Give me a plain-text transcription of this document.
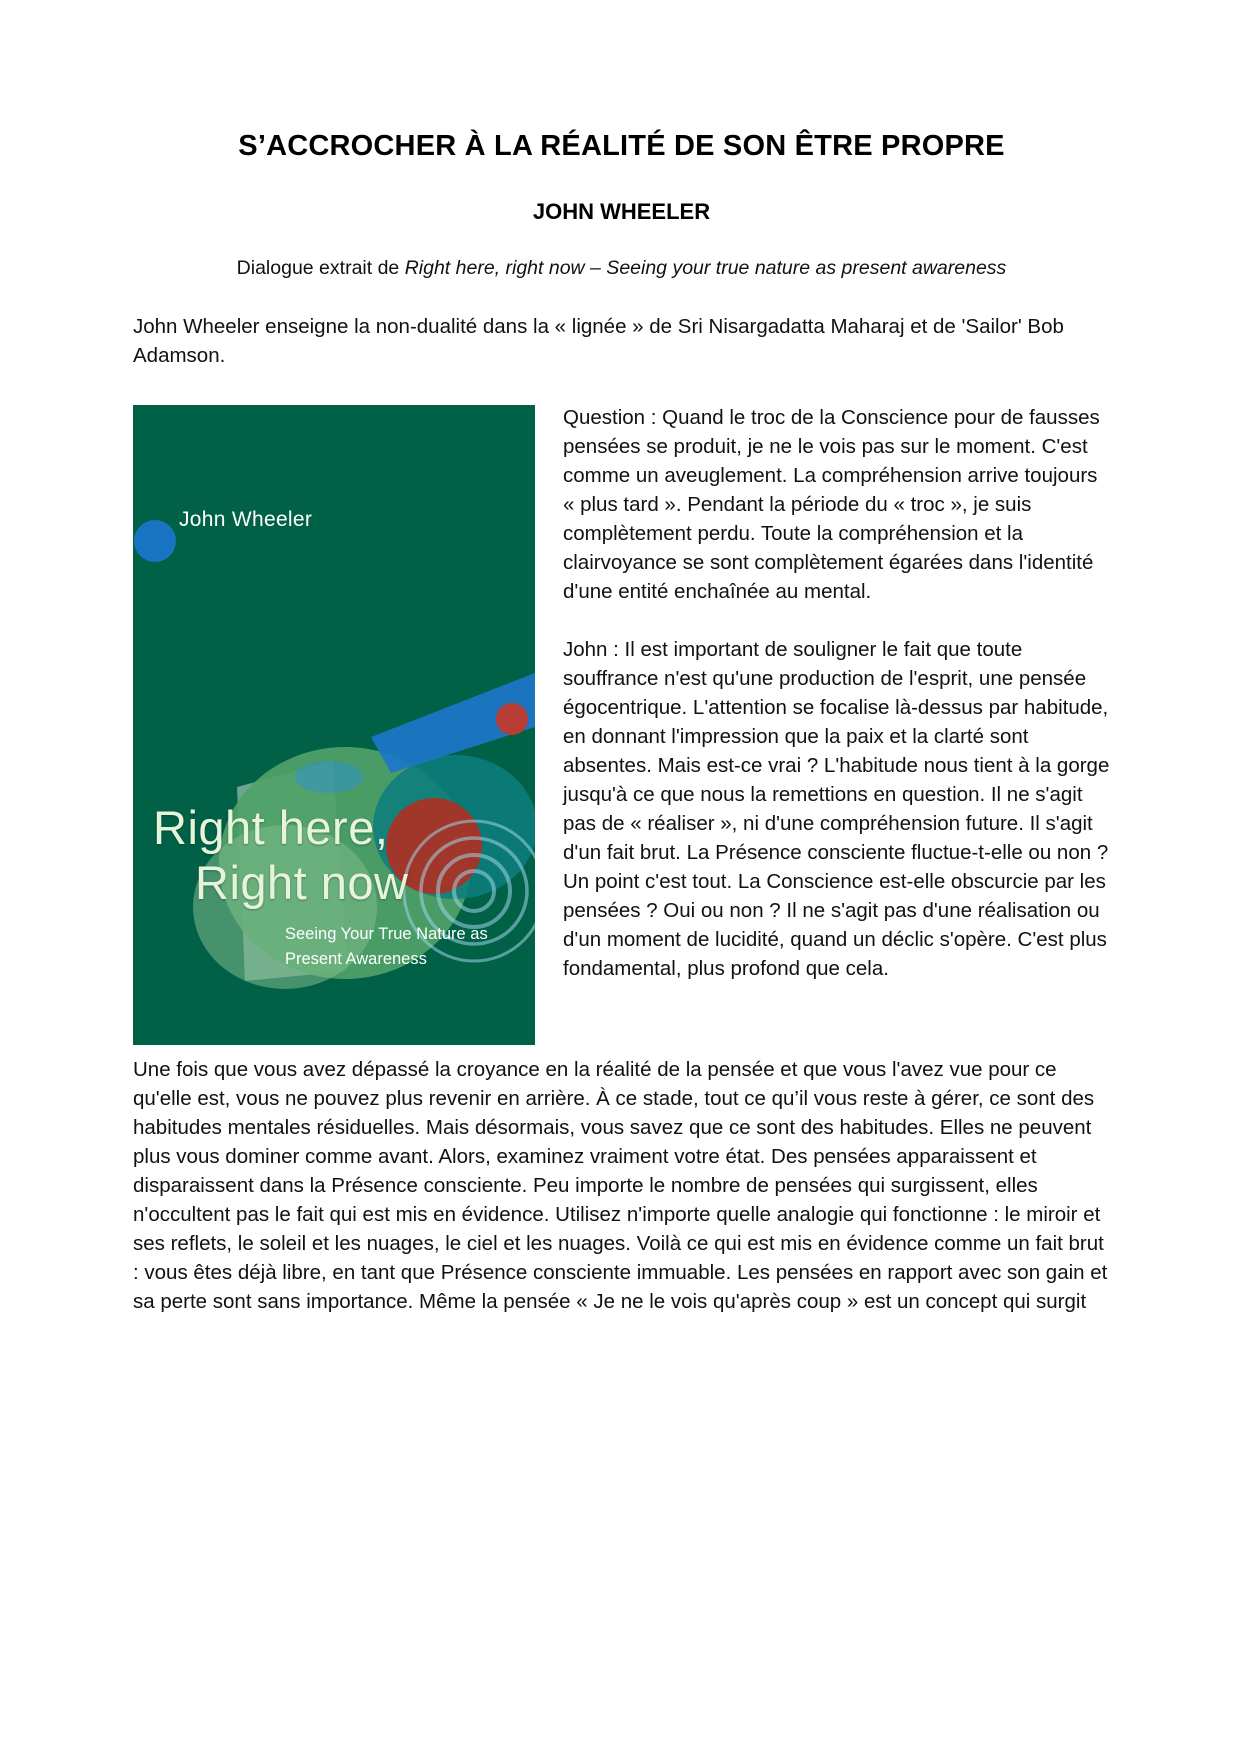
S’ACCROCHER À LA RÉALITÉ DE SON ÊTRE PROPRE
JOHN WHEELER

Dialogue extrait de Right here, right now – Seeing your true nature as present awareness

John Wheeler enseigne la non-dualité dans la « lignée » de Sri Nisargadatta Maharaj et de 'Sailor' Bob Adamson.

John Wheeler
Right here,
Right now
Seeing Your True Nature as
Present Awareness

Question : Quand le troc de la Conscience pour de fausses pensées se produit, je ne le vois pas sur le moment. C'est comme un aveuglement. La compréhension arrive toujours « plus tard ». Pendant la période du « troc », je suis complètement perdu. Toute la compréhension et la clairvoyance se sont complètement égarées dans l'identité d'une entité enchaînée au mental.

John : Il est important de souligner le fait que toute souffrance n'est qu'une production de l'esprit, une pensée égocentrique. L'attention se focalise là-dessus par habitude, en donnant l'impression que la paix et la clarté sont absentes. Mais est-ce vrai ? L'habitude nous tient à la gorge jusqu'à ce que nous la remettions en question. Il ne s'agit pas de « réaliser », ni d'une compréhension future. Il s'agit d'un fait brut. La Présence consciente fluctue-t-elle ou non ? Un point c'est tout. La Conscience est-elle obscurcie par les pensées ? Oui ou non ? Il ne s'agit pas d'une réalisation ou d'un moment de lucidité, quand un déclic s'opère. C'est plus fondamental, plus profond que cela.

Une fois que vous avez dépassé la croyance en la réalité de la pensée et que vous l'avez vue pour ce qu'elle est, vous ne pouvez plus revenir en arrière. À ce stade, tout ce qu’il vous reste à gérer, ce sont des habitudes mentales résiduelles. Mais désormais, vous savez que ce sont des habitudes. Elles ne peuvent plus vous dominer comme avant. Alors, examinez vraiment votre état. Des pensées apparaissent et disparaissent dans la Présence consciente. Peu importe le nombre de pensées qui surgissent, elles n'occultent pas le fait qui est mis en évidence. Utilisez n'importe quelle analogie qui fonctionne : le miroir et ses reflets, le soleil et les nuages, le ciel et les nuages. Voilà ce qui est mis en évidence comme un fait brut : vous êtes déjà libre, en tant que Présence consciente immuable. Les pensées en rapport avec son gain et sa perte sont sans importance. Même la pensée « Je ne le vois qu'après coup » est un concept qui surgit
